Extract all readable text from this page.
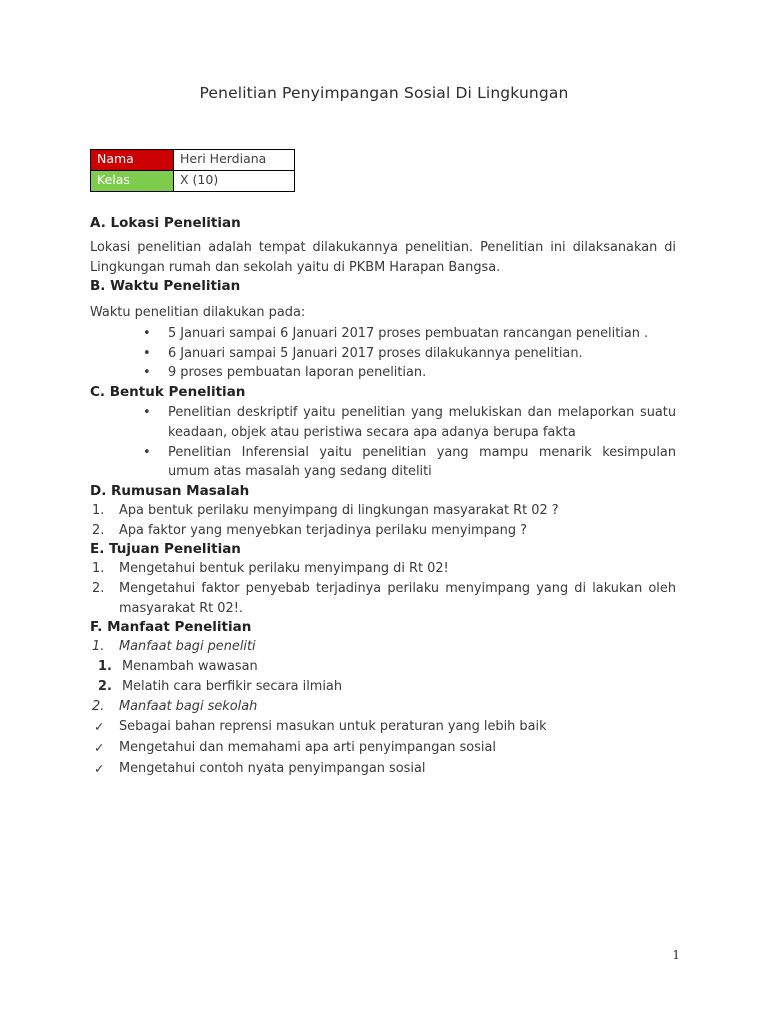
Penelitian Penyimpangan Sosial Di Lingkungan
Nama	Heri Herdiana
Kelas	X (10)
A. Lokasi Penelitian

Lokasi penelitian adalah tempat dilakukannya penelitian. Penelitian ini dilaksanakan di Lingkungan rumah dan sekolah yaitu di PKBM Harapan Bangsa.

B. Waktu Penelitian

Waktu penelitian dilakukan pada:

• 5 Januari sampai 6 Januari 2017 proses pembuatan rancangan penelitian .
• 6 Januari sampai 5 Januari 2017 proses dilakukannya penelitian.
• 9 proses pembuatan laporan penelitian.
C. Bentuk Penelitian
• Penelitian deskriptif yaitu penelitian yang melukiskan dan melaporkan suatu keadaan, objek atau peristiwa secara apa adanya berupa fakta
• Penelitian Inferensial yaitu penelitian yang mampu menarik kesimpulan umum atas masalah yang sedang diteliti
D. Rumusan Masalah
Apa bentuk perilaku menyimpang di lingkungan masyarakat Rt 02 ?
Apa faktor yang menyebkan terjadinya perilaku menyimpang ?
E. Tujuan Penelitian
Mengetahui bentuk perilaku menyimpang di Rt 02!
Mengetahui faktor penyebab terjadinya perilaku menyimpang yang di lakukan oleh masyarakat Rt 02!.
F. Manfaat Penelitian
Manfaat bagi peneliti
Menambah wawasan
Melatih cara berfikir secara ilmiah
Manfaat bagi sekolah
✓ Sebagai bahan reprensi masukan untuk peraturan yang lebih baik
✓ Mengetahui dan memahami apa arti penyimpangan sosial
✓ Mengetahui contoh nyata penyimpangan sosial
1
